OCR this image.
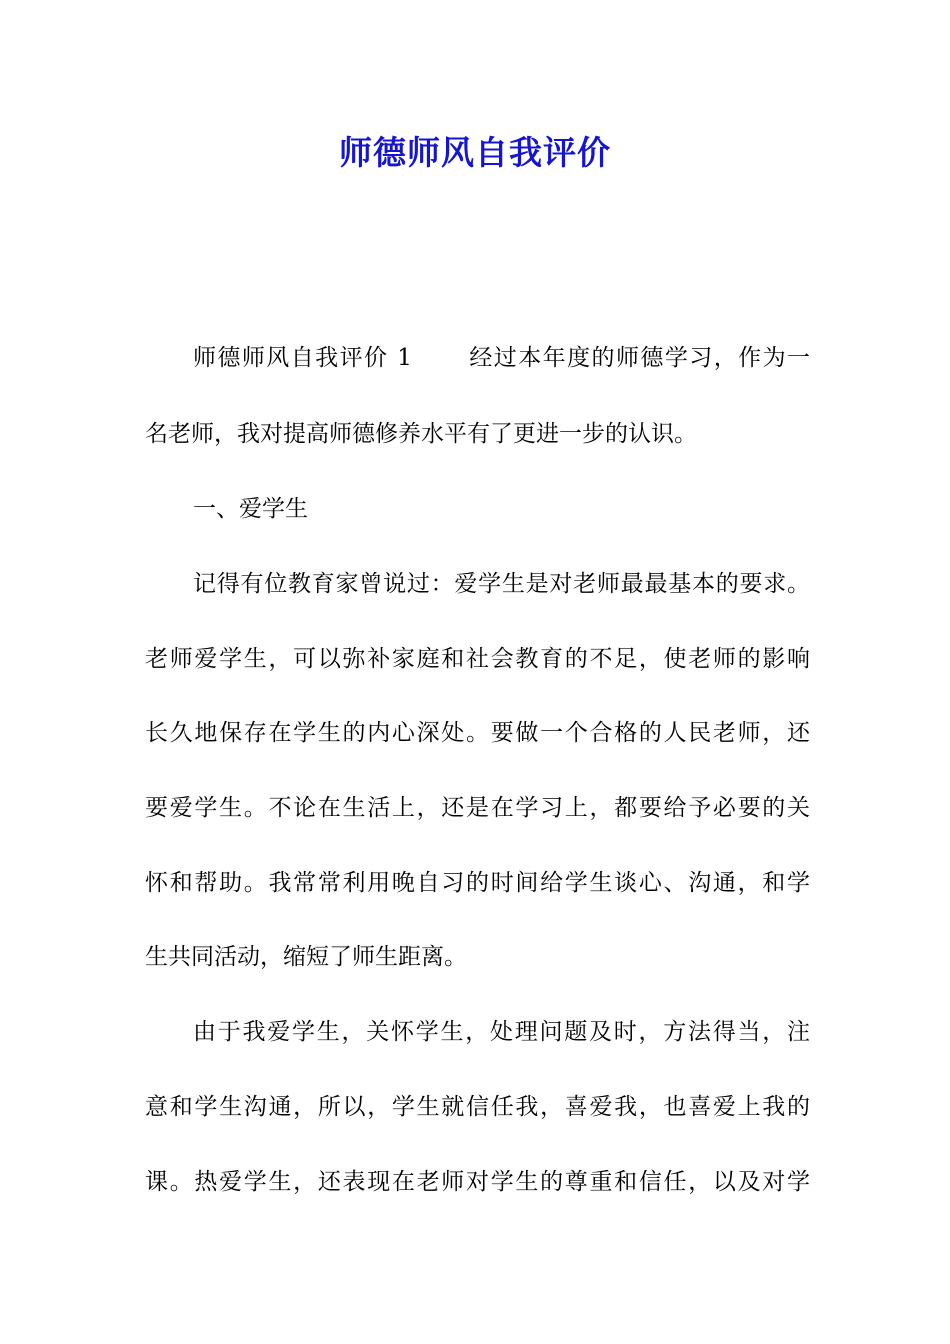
师德师风自我评价

师德师风自我评价 1 经过本年度的师德学习，作为一

名老师，我对提高师德修养水平有了更进一步的认识。

一、爱学生

记得有位教育家曾说过：爱学生是对老师最最基本的要求。

老师爱学生，可以弥补家庭和社会教育的不足，使老师的影响

长久地保存在学生的内心深处。要做一个合格的人民老师，还

要爱学生。不论在生活上，还是在学习上，都要给予必要的关

怀和帮助。我常常利用晚自习的时间给学生谈心、沟通，和学

生共同活动，缩短了师生距离。

由于我爱学生，关怀学生，处理问题及时，方法得当，注

意和学生沟通，所以，学生就信任我，喜爱我，也喜爱上我的

课。热爱学生，还表现在老师对学生的尊重和信任，以及对学
